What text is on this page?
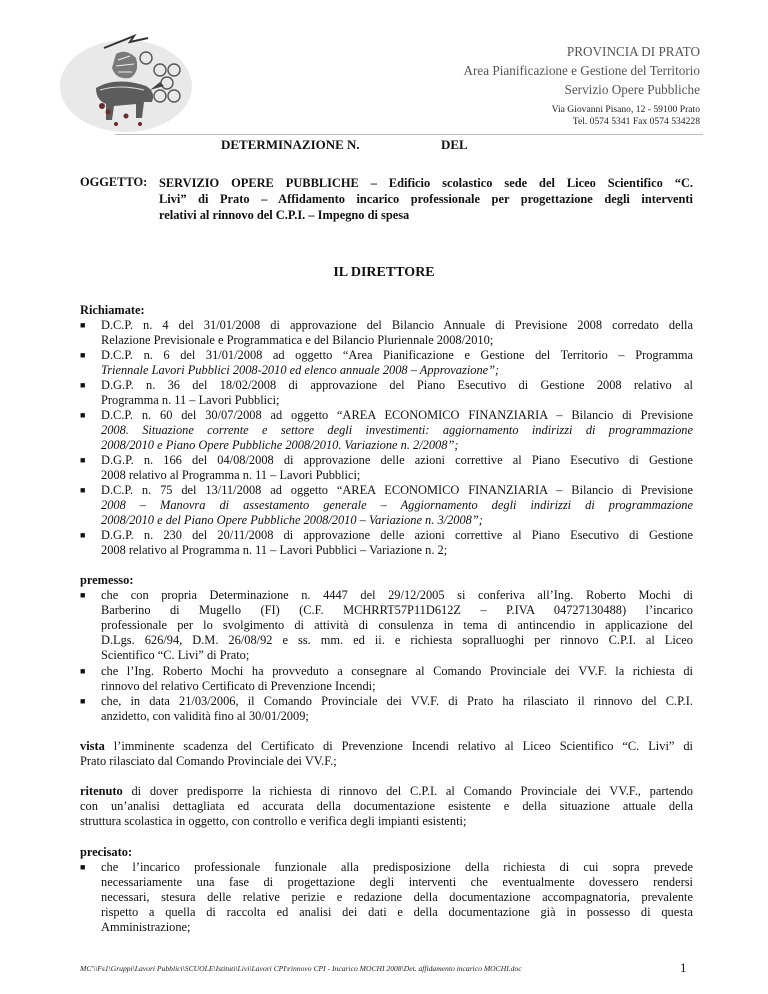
PROVINCIA DI PRATO
Area Pianificazione e Gestione del Territorio
Servizio Opere Pubbliche
Via Giovanni Pisano, 12 - 59100 Prato
Tel. 0574 5341 Fax 0574 534228
DETERMINAZIONE N.	DEL
OGGETTO: SERVIZIO OPERE PUBBLICHE – Edificio scolastico sede del Liceo Scientifico “C.
Livi” di Prato – Affidamento incarico professionale per progettazione degli interventi
relativi al rinnovo del C.P.I. – Impegno di spesa
IL DIRETTORE
Richiamate:
■ D.C.P. n. 4 del 31/01/2008 di approvazione del Bilancio Annuale di Previsione 2008 corredato della
Relazione Previsionale e Programmatica e del Bilancio Pluriennale 2008/2010;
■ D.C.P. n. 6 del 31/01/2008 ad oggetto “Area Pianificazione e Gestione del Territorio – Programma
Triennale Lavori Pubblici 2008-2010 ed elenco annuale 2008 – Approvazione”;
■ D.G.P. n. 36 del 18/02/2008 di approvazione del Piano Esecutivo di Gestione 2008 relativo al
Programma n. 11 – Lavori Pubblici;
■ D.C.P. n. 60 del 30/07/2008 ad oggetto “AREA ECONOMICO FINANZIARIA – Bilancio di Previsione
2008. Situazione corrente e settore degli investimenti: aggiornamento indirizzi di programmazione
2008/2010 e Piano Opere Pubbliche 2008/2010. Variazione n. 2/2008”;
■ D.G.P. n. 166 del 04/08/2008 di approvazione delle azioni correttive al Piano Esecutivo di Gestione
2008 relativo al Programma n. 11 – Lavori Pubblici;
■ D.C.P. n. 75 del 13/11/2008 ad oggetto “AREA ECONOMICO FINANZIARIA – Bilancio di Previsione
2008 – Manovra di assestamento generale – Aggiornamento degli indirizzi di programmazione
2008/2010 e del Piano Opere Pubbliche 2008/2010 – Variazione n. 3/2008”;
■ D.G.P. n. 230 del 20/11/2008 di approvazione delle azioni correttive al Piano Esecutivo di Gestione
2008 relativo al Programma n. 11 – Lavori Pubblici – Variazione n. 2;
premesso:
■ che con propria Determinazione n. 4447 del 29/12/2005 si conferiva all’Ing. Roberto Mochi di
Barberino di Mugello (FI) (C.F. MCHRRT57P11D612Z – P.IVA 04727130488) l’incarico
professionale per lo svolgimento di attività di consulenza in tema di antincendio in applicazione del
D.Lgs. 626/94, D.M. 26/08/92 e ss. mm. ed ii. e richiesta sopralluoghi per rinnovo C.P.I. al Liceo
Scientifico “C. Livi” di Prato;
■ che l’Ing. Roberto Mochi ha provveduto a consegnare al Comando Provinciale dei VV.F. la richiesta di
rinnovo del relativo Certificato di Prevenzione Incendi;
■ che, in data 21/03/2006, il Comando Provinciale dei VV.F. di Prato ha rilasciato il rinnovo del C.P.I.
anzidetto, con validità fino al 30/01/2009;
vista l’imminente scadenza del Certificato di Prevenzione Incendi relativo al Liceo Scientifico “C. Livi” di
Prato rilasciato dal Comando Provinciale dei VV.F.;
ritenuto di dover predisporre la richiesta di rinnovo del C.P.I. al Comando Provinciale dei VV.F., partendo
con un’analisi dettagliata ed accurata della documentazione esistente e della situazione attuale della
struttura scolastica in oggetto, con controllo e verifica degli impianti esistenti;
precisato:
■ che l’incarico professionale funzionale alla predisposizione della richiesta di cui sopra prevede
necessariamente una fase di progettazione degli interventi che eventualmente dovessero rendersi
necessari, stesura delle relative perizie e redazione della documentazione accompagnatoria, prevalente
rispetto a quella di raccolta ed analisi dei dati e della documentazione già in possesso di questa
Amministrazione;
MC'\\Fs1\Gruppi\Lavori Pubblici\SCUOLE\Istituti\Livi\Lavori CPI\rinnovo CPI - Incarico MOCHI 2008\Det. affidamento incarico MOCHI.doc	1
